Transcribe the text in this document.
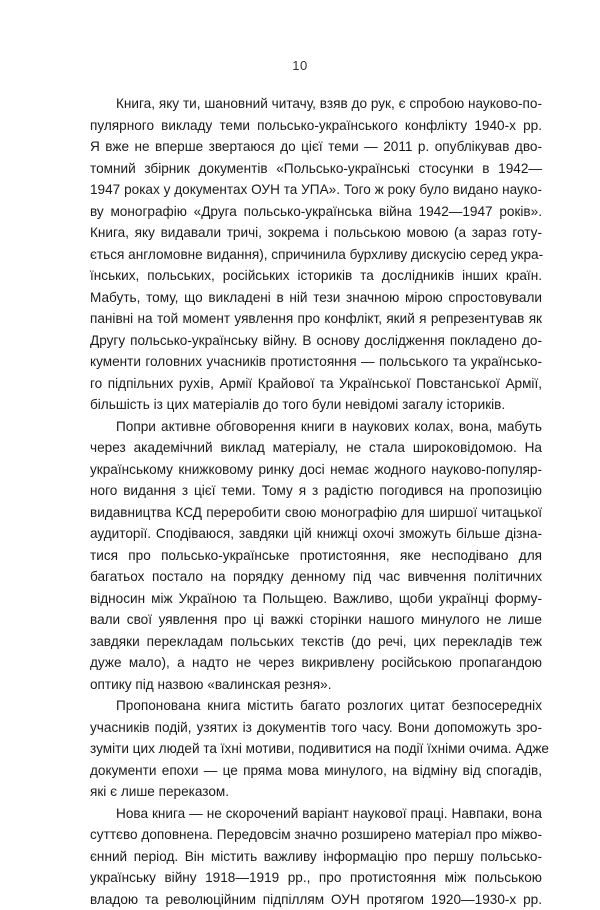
10
Книга, яку ти, шановний читачу, взяв до рук, є спробою науково-по-
пулярного викладу теми польсько-українського конфлікту 1940-х рр.
Я вже не вперше звертаюся до цієї теми — 2011 р. опублікував дво-
томний збірник документів «Польсько-українські стосунки в 1942—
1947 роках у документах ОУН та УПА». Того ж року було видано науко-
ву монографію «Друга польсько-українська війна 1942—1947 років».
Книга, яку видавали тричі, зокрема і польською мовою (а зараз готу-
ється англомовне видання), спричинила бурхливу дискусію серед укра-
їнських, польських, російських істориків та дослідників інших країн.
Мабуть, тому, що викладені в ній тези значною мірою спростовували
панівні на той момент уявлення про конфлікт, який я репрезентував як
Другу польсько-українську війну. В основу дослідження покладено до-
кументи головних учасників протистояння — польського та українсько-
го підпільних рухів, Армії Крайової та Української Повстанської Армії,
більшість із цих матеріалів до того були невідомі загалу істориків.
Попри активне обговорення книги в наукових колах, вона, мабуть
через академічний виклад матеріалу, не стала широковідомою. На
українському книжковому ринку досі немає жодного науково-популяр-
ного видання з цієї теми. Тому я з радістю погодився на пропозицію
видавництва КСД переробити свою монографію для ширшої читацької
аудиторії. Сподіваюся, завдяки цій книжці охочі зможуть більше дізна-
тися про польсько-українське протистояння, яке несподівано для
багатьох постало на порядку денному під час вивчення політичних
відносин між Україною та Польщею. Важливо, щоби українці форму-
вали свої уявлення про ці важкі сторінки нашого минулого не лише
завдяки перекладам польських текстів (до речі, цих перекладів теж
дуже мало), а надто не через викривлену російською пропагандою
оптику під назвою «валинская резня».
Пропонована книга містить багато розлогих цитат безпосередніх
учасників подій, узятих із документів того часу. Вони допоможуть зро-
зуміти цих людей та їхні мотиви, подивитися на події їхніми очима. Адже
документи епохи — це пряма мова минулого, на відміну від спогадів,
які є лише переказом.
Нова книга — не скорочений варіант наукової праці. Навпаки, вона
суттєво доповнена. Передовсім значно розширено матеріал про міжво-
єнний період. Він містить важливу інформацію про першу польсько-
українську війну 1918—1919 рр., про протистояння між польською
владою та революційним підпіллям ОУН протягом 1920—1930-х рр.
